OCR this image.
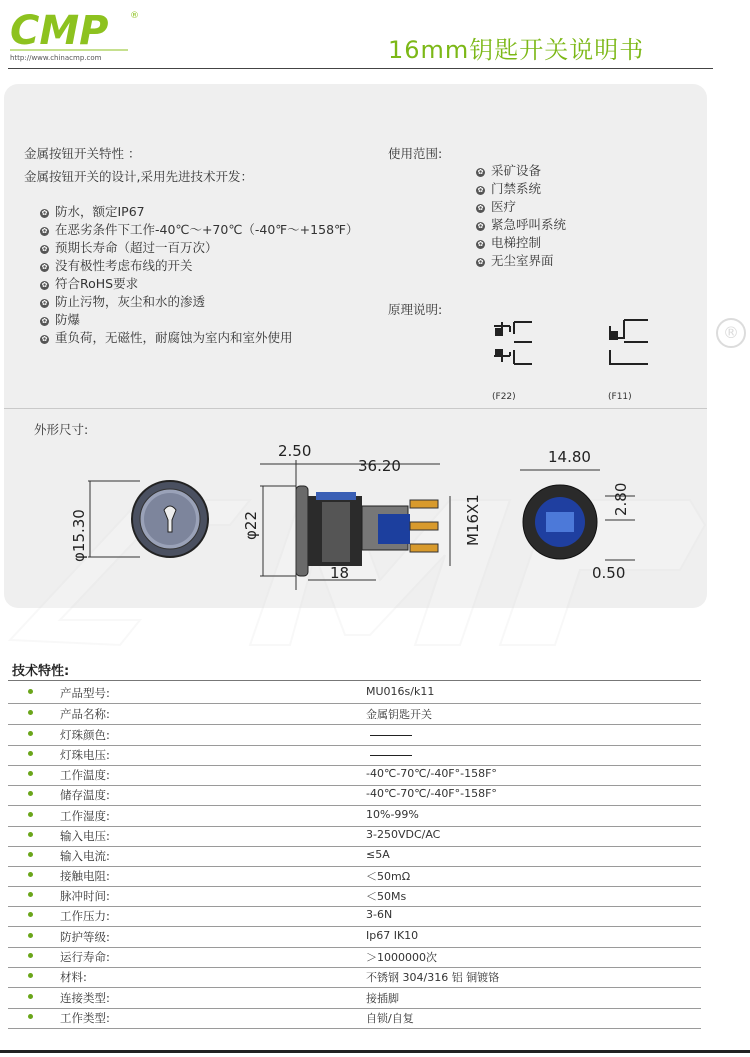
CMP ®
http://www.chinacmp.com	16mm钥匙开关说明书
金属按钮开关特性 ：
金属按钮开关的设计,采用先进技术开发：
✿ 防水，额定IP67
✿ 在恶劣条件下工作-40℃～+70℃（-40℉～+158℉）
✿ 预期长寿命（超过一百万次）
✿ 没有极性考虑布线的开关
✿ 符合RoHS要求
✿ 防止污物，灰尘和水的渗透
✿ 防爆
✿ 重负荷，无磁性，耐腐蚀为室内和室外使用
使用范围:
✿ 采矿设备
✿ 门禁系统
✿ 医疗
✿ 紧急呼叫系统
✿ 电梯控制
✿ 无尘室界面
原理说明:
(F22)	(F11)
®
外形尺寸:
φ15.30
2.50
36.20
φ22
18
M16X1
14.80
2.80
0.50
技术特性:
产品型号:	MU016s/k11
产品名称:	金属钥匙开关
灯珠颜色:
灯珠电压:
工作温度:	-40℃-70℃/-40F°-158F°
储存温度:	-40℃-70℃/-40F°-158F°
工作湿度:	10%-99%
输入电压:	3-250VDC/AC
输入电流:	≤5A
接触电阻:	＜50mΩ
脉冲时间:	＜50Ms
工作压力:	3-6N
防护等级:	Ip67 IK10
运行寿命:	＞1000000次
材料:	不锈钢 304/316 铝 铜镀铬
连接类型:	接插脚
工作类型:	自锁/自复
